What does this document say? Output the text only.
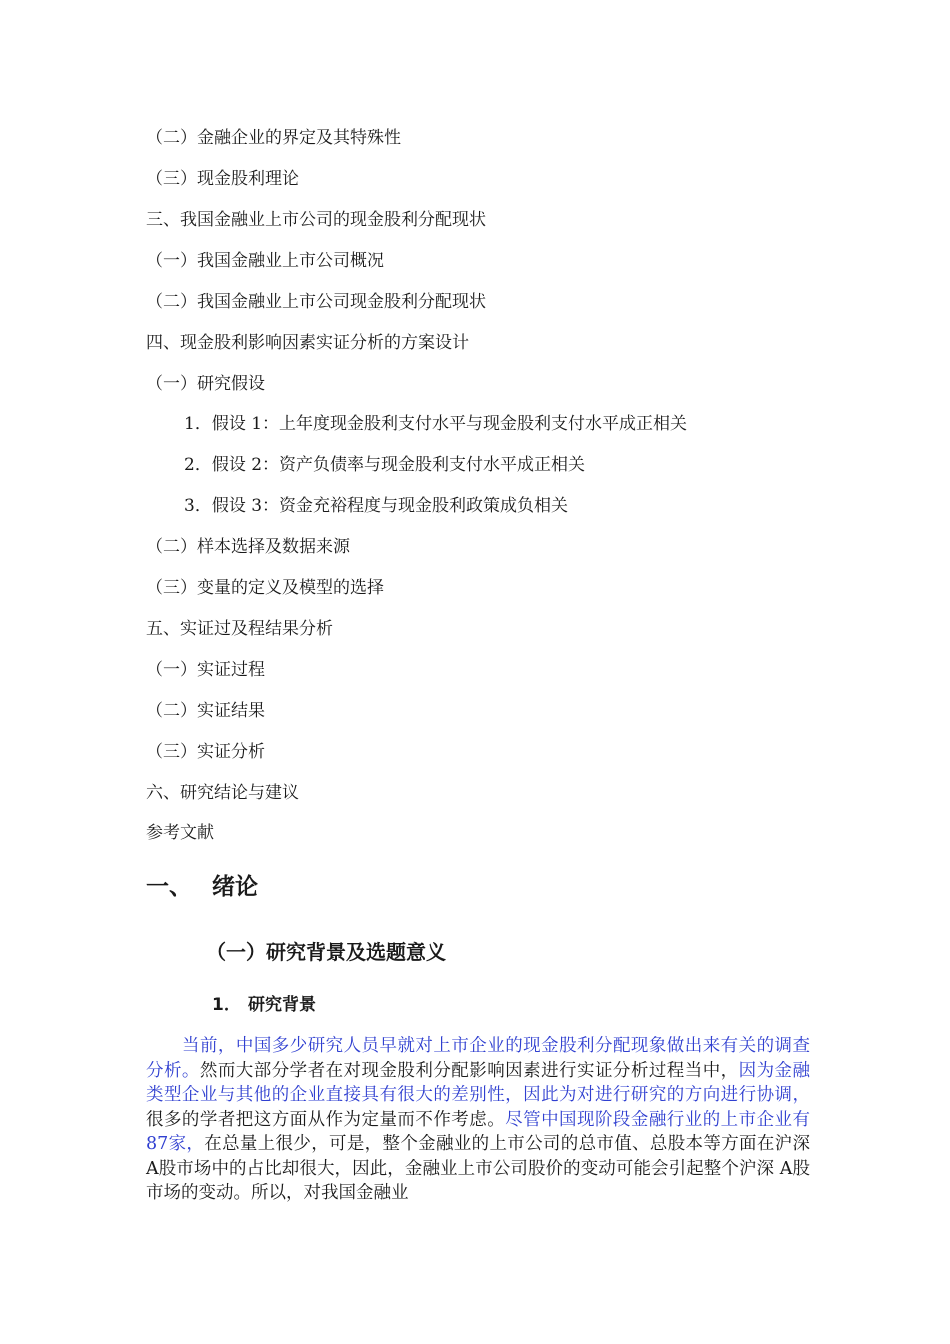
（二）金融企业的界定及其特殊性
（三）现金股利理论
三、我国金融业上市公司的现金股利分配现状
（一）我国金融业上市公司概况
（二）我国金融业上市公司现金股利分配现状
四、现金股利影响因素实证分析的方案设计
（一）研究假设
1．假设 1：上年度现金股利支付水平与现金股利支付水平成正相关
2．假设 2：资产负债率与现金股利支付水平成正相关
3．假设 3：资金充裕程度与现金股利政策成负相关
（二）样本选择及数据来源
（三）变量的定义及模型的选择
五、实证过及程结果分析
（一）实证过程
（二）实证结果
（三）实证分析
六、研究结论与建议
参考文献
一、 绪论
（一）研究背景及选题意义
1． 研究背景
当前，中国多少研究人员早就对上市企业的现金股利分配现象做出来有关的调查分析。然而大部分学者在对现金股利分配影响因素进行实证分析过程当中，因为金融类型企业与其他的企业直接具有很大的差别性，因此为对进行研究的方向进行协调，很多的学者把这方面从作为定量而不作考虑。尽管中国现阶段金融行业的上市企业有87家，在总量上很少，可是，整个金融业的上市公司的总市值、总股本等方面在沪深 A股市场中的占比却很大，因此，金融业上市公司股价的变动可能会引起整个沪深 A股市场的变动。所以，对我国金融业
